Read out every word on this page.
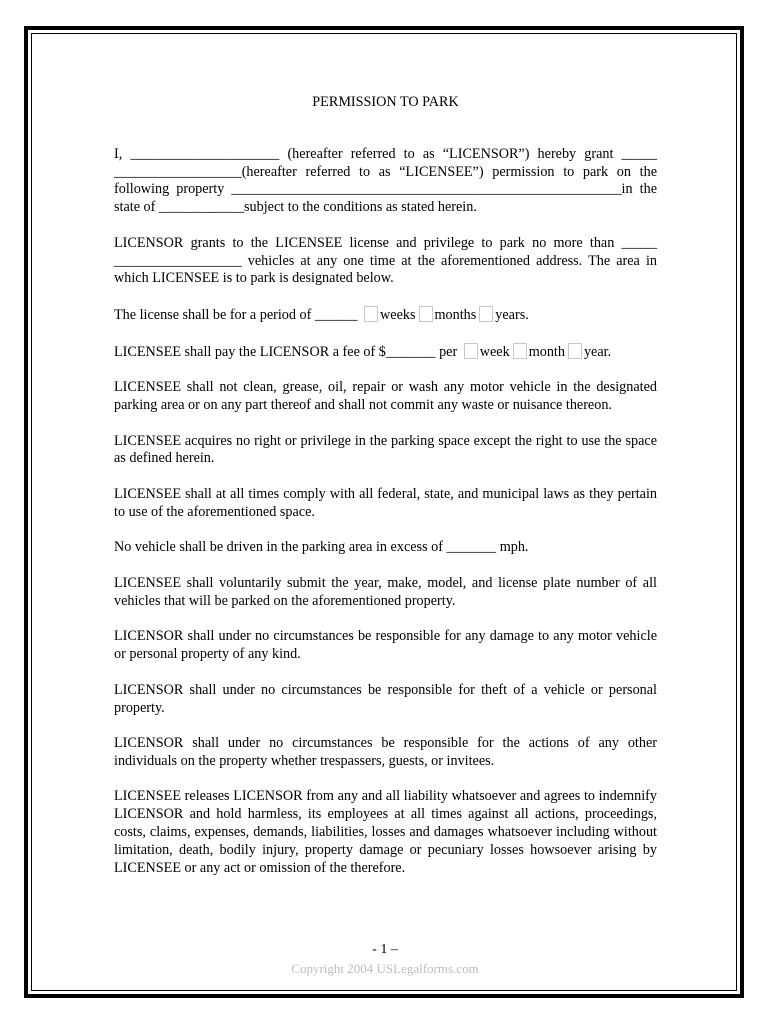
PERMISSION TO PARK

I, _____________________ (hereafter referred to as “LICENSOR”) hereby grant _____ __________________(hereafter referred to as “LICENSEE”) permission to park on the following property _______________________________________________________in the state of ____________subject to the conditions as stated herein.

LICENSOR grants to the LICENSEE license and privilege to park no more than _____ __________________ vehicles at any one time at the aforementioned address. The area in which LICENSEE is to park is designated below.

The license shall be for a period of ______ weeks months years.

LICENSEE shall pay the LICENSOR a fee of $_______ per week month year.

LICENSEE shall not clean, grease, oil, repair or wash any motor vehicle in the designated parking area or on any part thereof and shall not commit any waste or nuisance thereon.

LICENSEE acquires no right or privilege in the parking space except the right to use the space as defined herein.

LICENSEE shall at all times comply with all federal, state, and municipal laws as they pertain to use of the aforementioned space.

No vehicle shall be driven in the parking area in excess of _______ mph.

LICENSEE shall voluntarily submit the year, make, model, and license plate number of all vehicles that will be parked on the aforementioned property.

LICENSOR shall under no circumstances be responsible for any damage to any motor vehicle or personal property of any kind.

LICENSOR shall under no circumstances be responsible for theft of a vehicle or personal property.

LICENSOR shall under no circumstances be responsible for the actions of any other individuals on the property whether trespassers, guests, or invitees.

LICENSEE releases LICENSOR from any and all liability whatsoever and agrees to indemnify LICENSOR and hold harmless, its employees at all times against all actions, proceedings, costs, claims, expenses, demands, liabilities, losses and damages whatsoever including without limitation, death, bodily injury, property damage or pecuniary losses howsoever arising by LICENSEE or any act or omission of the therefore.

- 1 –
Copyright 2004 USLegalforms.com
